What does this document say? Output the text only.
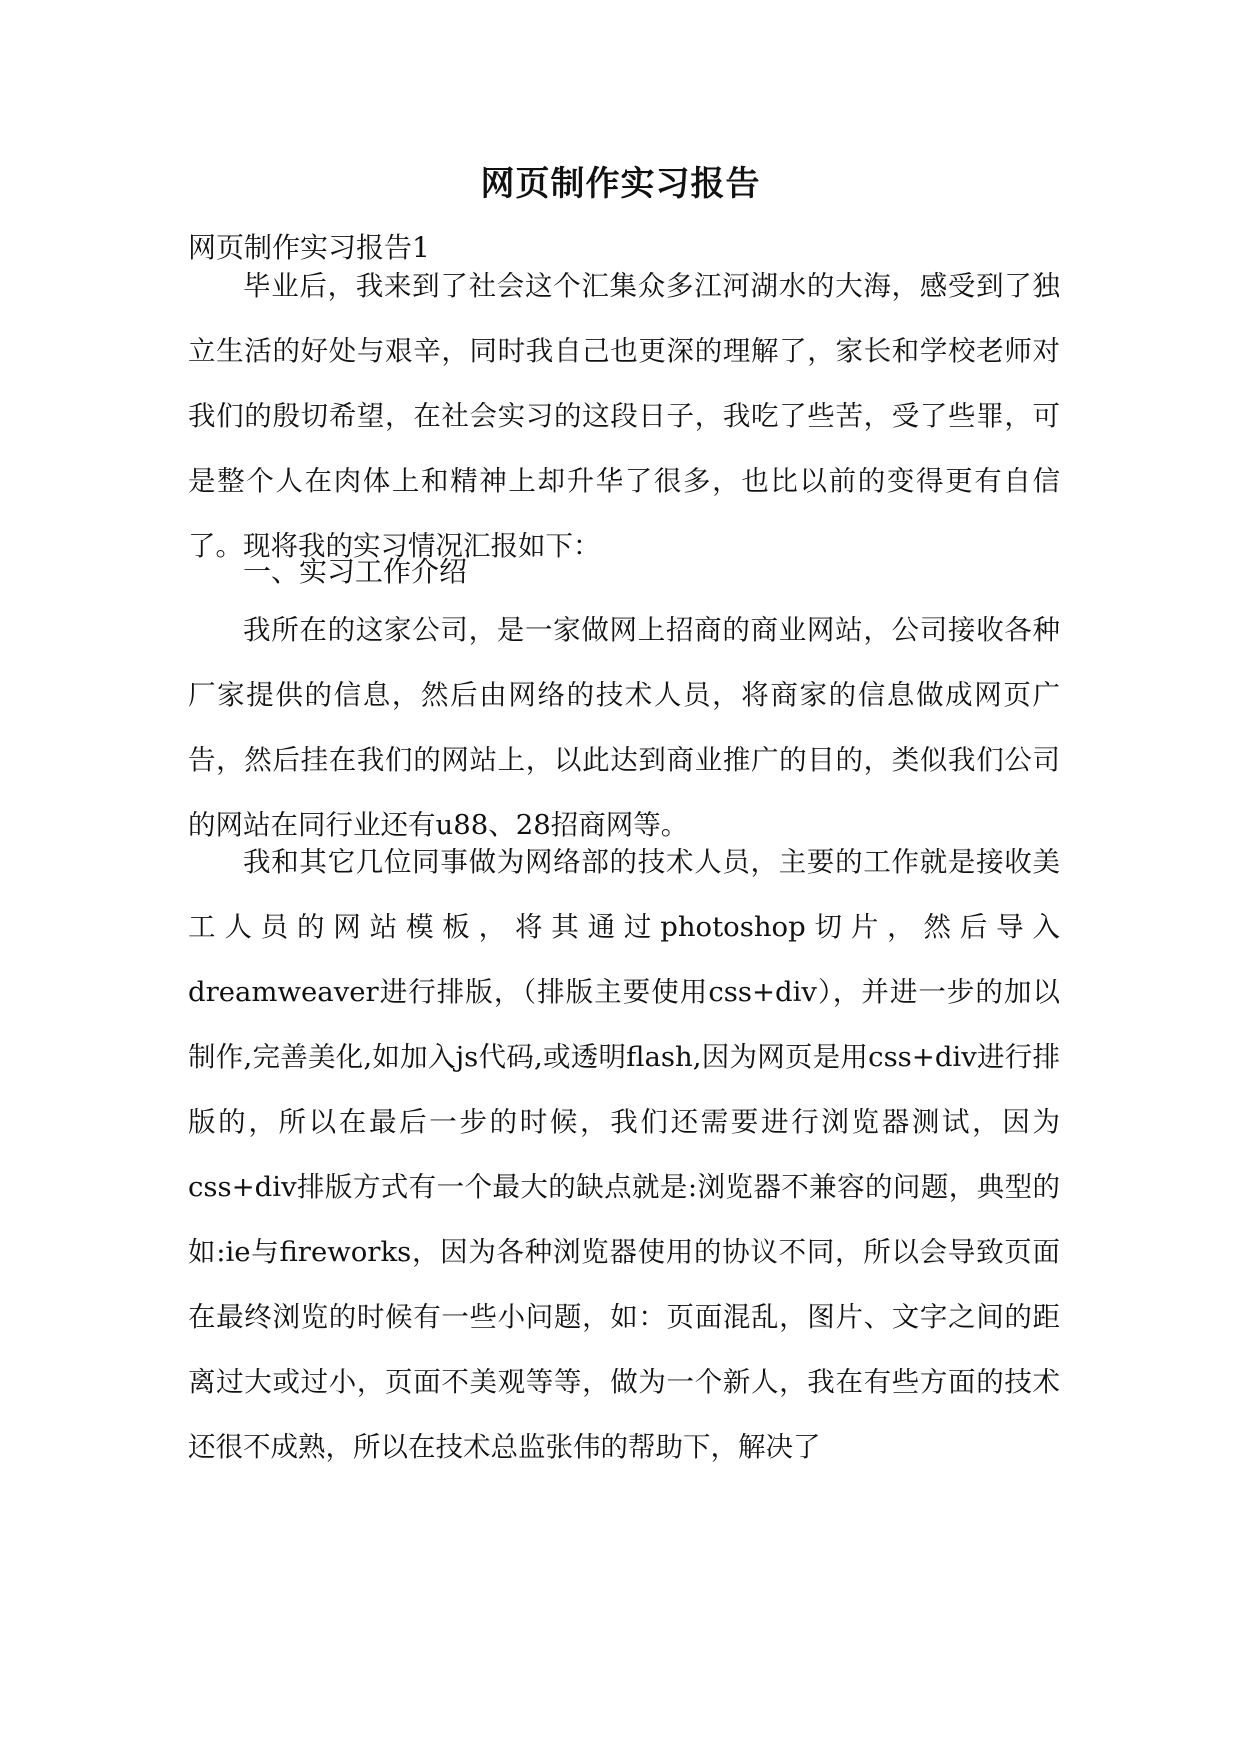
网页制作实习报告
网页制作实习报告1

毕业后，我来到了社会这个汇集众多江河湖水的大海，感受到了独立生活的好处与艰辛，同时我自己也更深的理解了，家长和学校老师对我们的殷切希望，在社会实习的这段日子，我吃了些苦，受了些罪，可是整个人在肉体上和精神上却升华了很多，也比以前的变得更有自信了。现将我的实习情况汇报如下：

一、实习工作介绍

我所在的这家公司，是一家做网上招商的商业网站，公司接收各种厂家提供的信息，然后由网络的技术人员，将商家的信息做成网页广告，然后挂在我们的网站上，以此达到商业推广的目的，类似我们公司的网站在同行业还有u88、28招商网等。

我和其它几位同事做为网络部的技术人员，主要的工作就是接收美工人员的网站模板，将其通过photoshop切片，然后导入dreamweaver进行排版，（排版主要使用css+div），并进一步的加以制作,完善美化,如加入js代码,或透明flash,因为网页是用css+div进行排版的，所以在最后一步的时候，我们还需要进行浏览器测试，因为css+div排版方式有一个最大的缺点就是:浏览器不兼容的问题，典型的如:ie与fireworks，因为各种浏览器使用的协议不同，所以会导致页面在最终浏览的时候有一些小问题，如：页面混乱，图片、文字之间的距离过大或过小，页面不美观等等，做为一个新人，我在有些方面的技术还很不成熟，所以在技术总监张伟的帮助下，解决了
